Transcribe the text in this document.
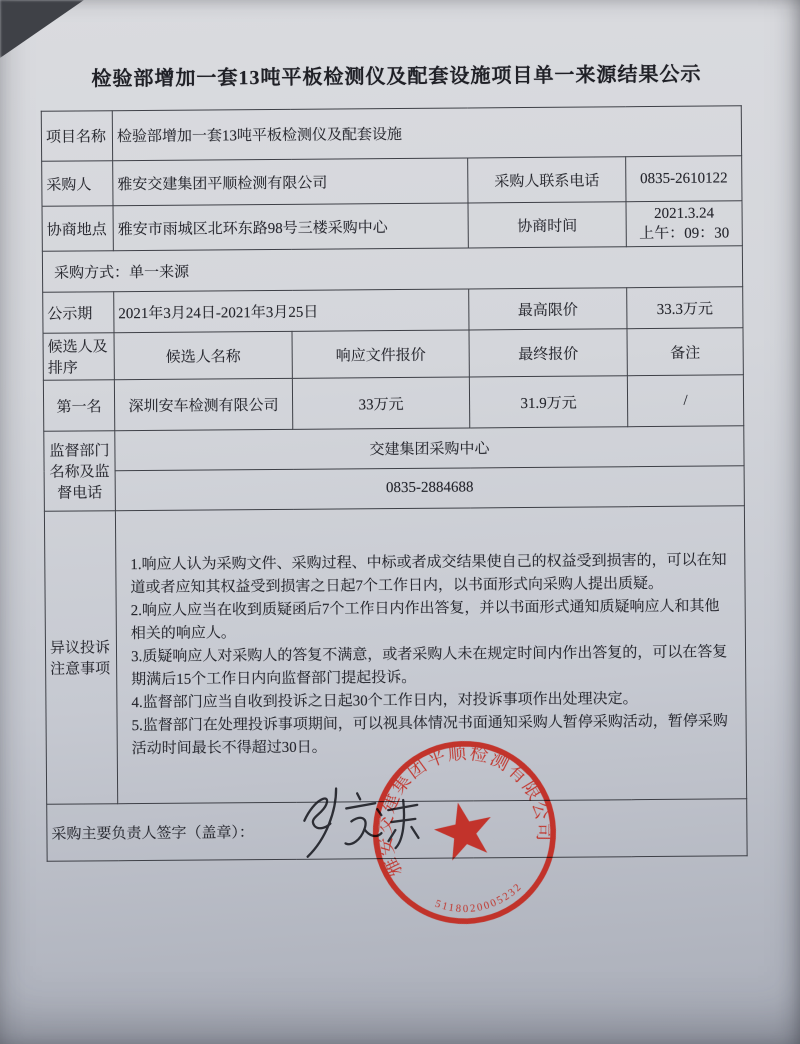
检验部增加一套13吨平板检测仪及配套设施项目单一来源结果公示
项目名称	检验部增加一套13吨平板检测仪及配套设施			
采购人	雅安交建集团平顺检测有限公司		采购人联系电话	0835-2610122
协商地点	雅安市雨城区北环东路98号三楼采购中心		协商时间	2021.3.24
上午：09：30

采购方式：单一来源				
公示期	2021年3月24日-2021年3月25日		最高限价	33.3万元
候选人及排序	候选人名称	响应文件报价	最终报价	备注
第一名	深圳安车检测有限公司	33万元	31.9万元	/
监督部门名称及监督电话	交建集团采购中心			
	0835-2884688			
异议投诉注意事项	1.响应人认为采购文件、采购过程、中标或者成交结果使自己的权益受到损害的，可以在知道或者应知其权益受到损害之日起7个工作日内，以书面形式向采购人提出质疑。

2.响应人应当在收到质疑函后7个工作日内作出答复，并以书面形式通知质疑响应人和其他相关的响应人。

3.质疑响应人对采购人的答复不满意，或者采购人未在规定时间内作出答复的，可以在答复期满后15个工作日内向监督部门提起投诉。

4.监督部门应当自收到投诉之日起30个工作日内，对投诉事项作出处理决定。

5.监督部门在处理投诉事项期间，可以视具体情况书面通知采购人暂停采购活动，暂停采购活动时间最长不得超过30日。			

采购主要负责人签字（盖章）：				
雅安交建集团平顺检测有限公司
5118020005232
